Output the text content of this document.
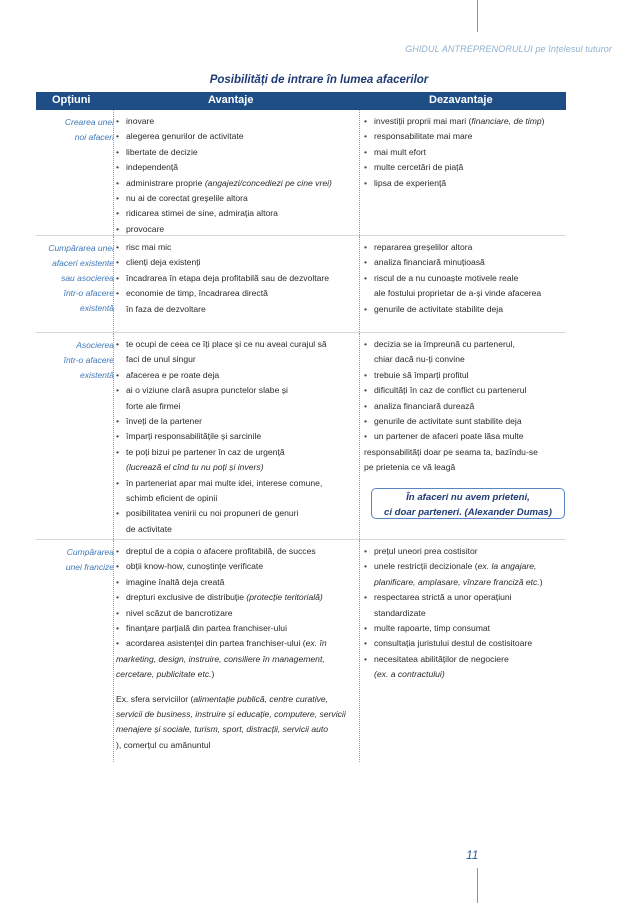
GHIDUL ANTREPRENORULUI pe înțelesul tuturor
Posibilități de intrare în lumea afacerilor
Opțiuni	Avantaje	Dezavantaje
Crearea unei
noi afaceri
• inovare
• alegerea genurilor de activitate
• libertate de decizie
• independență
• administrare proprie (angajezi/concediezi pe cine vrei)
• nu ai de corectat greșelile altora
• ridicarea stimei de sine, admirația altora
• provocare
• investiții proprii mai mari (financiare, de timp)
• responsabilitate mai mare
• mai mult efort
• multe cercetări de piață
• lipsa de experiență
Cumpărarea unei
afaceri existente
sau asocierea
într-o afacere
existentă
• risc mai mic
• clienți deja existenți
• încadrarea în etapa deja profitabilă sau de dezvoltare
• economie de timp, încadrarea directă
în faza de dezvoltare
• repararea greșelilor altora
• analiza financiară minuțioasă
• riscul de a nu cunoaște motivele reale
ale fostului proprietar de a-și vinde afacerea
• genurile de activitate stabilite deja
Asocierea
într-o afacere
existentă
• te ocupi de ceea ce îți place și ce nu aveai curajul să
faci de unul singur
• afacerea e pe roate deja
• ai o viziune clară asupra punctelor slabe și
forte ale firmei
• înveți de la partener
• împarți responsabilitățile și sarcinile
• te poți bizui pe partener în caz de urgență
(lucrează el cînd tu nu poți și invers)
• în parteneriat apar mai multe idei, interese comune,
schimb eficient de opinii
• posibilitatea venirii cu noi propuneri de genuri
de activitate
• decizia se ia împreună cu partenerul,
chiar dacă nu-ți convine
• trebuie să împarți profitul
• dificultăți în caz de conflict cu partenerul
• analiza financiară durează
• genurile de activitate sunt stabilite deja
• un partener de afaceri poate lăsa multe
responsabilități doar pe seama ta, bazîndu-se
pe prietenia ce vă leagă
În afaceri nu avem prieteni,
ci doar parteneri. (Alexander Dumas)
Cumpărarea
unei francize
• dreptul de a copia o afacere profitabilă, de succes
• obții know-how, cunoștințe verificate
• imagine înaltă deja creată
• drepturi exclusive de distribuție (protecție teritorială)
• nivel scăzut de bancrotizare
• finanțare parțială din partea franchiser-ului
• acordarea asistenței din partea franchiser-ului (ex. în
marketing, design, instruire, consiliere în management,
cercetare, publicitate etc.)
Ex. sfera serviciilor (alimentație publică, centre curative,
servicii de business, instruire și educație, computere, servicii
menajere și sociale, turism, sport, distracții, servicii auto
), comerțul cu amănuntul
• prețul uneori prea costisitor
• unele restricții decizionale (ex. la angajare,
planificare, amplasare, vînzare franciză etc.)
• respectarea strictă a unor operațiuni
standardizate
• multe rapoarte, timp consumat
• consultația juristului destul de costisitoare
• necesitatea abilităților de negociere
(ex. a contractului)
11
